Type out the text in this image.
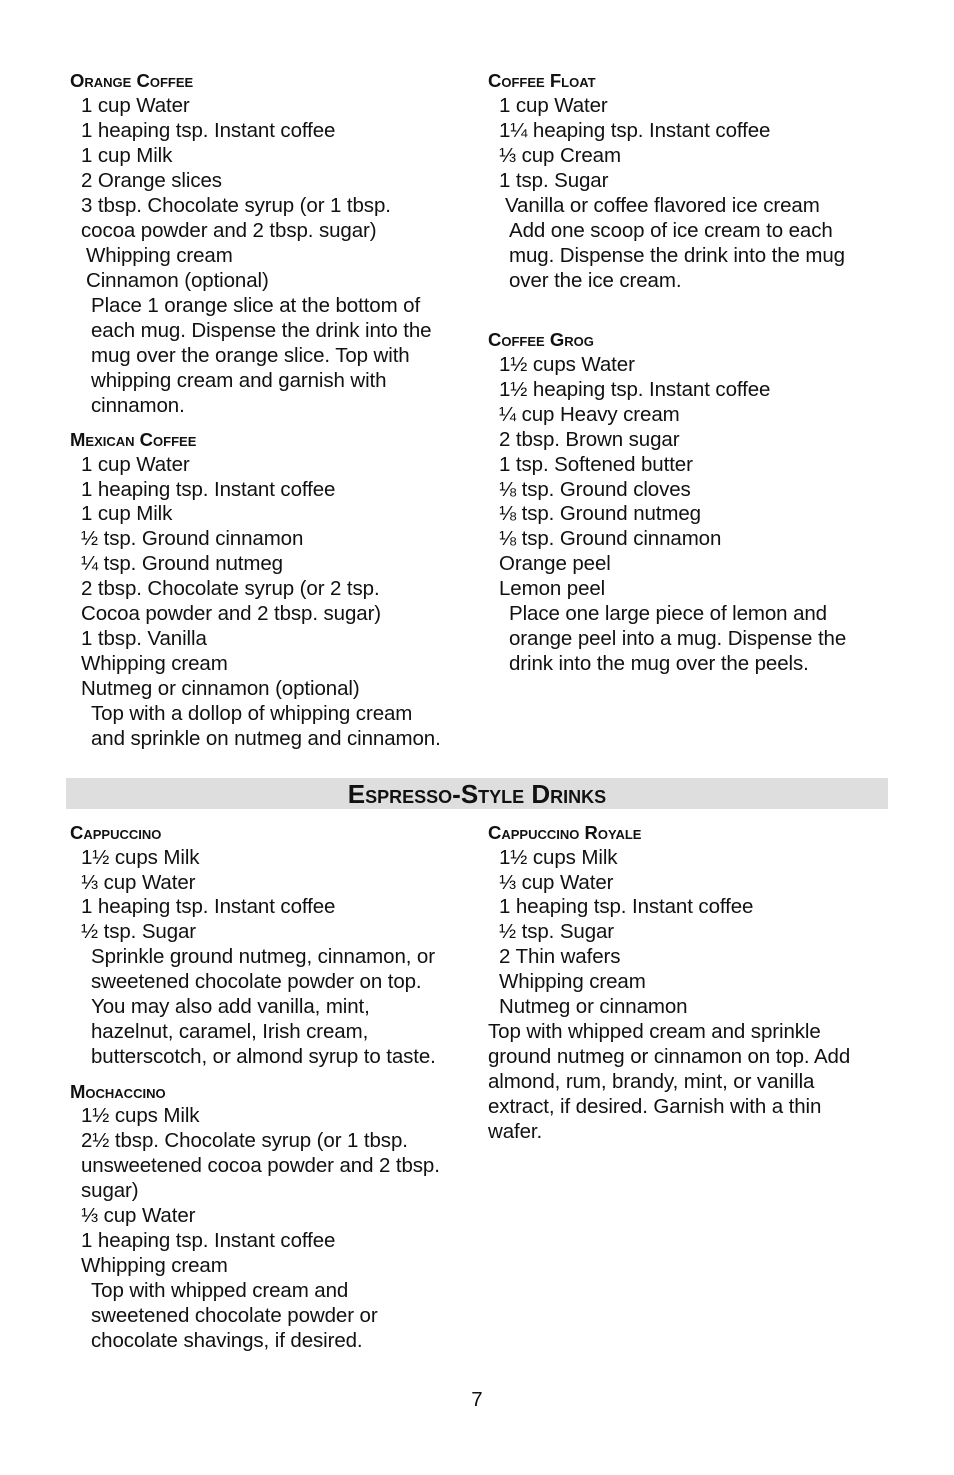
Orange Coffee
1 cup Water
1 heaping tsp. Instant coffee
1 cup Milk
2 Orange slices
3 tbsp. Chocolate syrup (or 1 tbsp.
cocoa powder and 2 tbsp. sugar)
Whipping cream
Cinnamon (optional)
Place 1 orange slice at the bottom of
each mug. Dispense the drink into the
mug over the orange slice. Top with
whipping cream and garnish with
cinnamon.
Mexican Coffee
1 cup Water
1 heaping tsp. Instant coffee
1 cup Milk
½ tsp. Ground cinnamon
¼ tsp. Ground nutmeg
2 tbsp. Chocolate syrup (or 2 tsp.
Cocoa powder and 2 tbsp. sugar)
1 tbsp. Vanilla
Whipping cream
Nutmeg or cinnamon (optional)
Top with a dollop of whipping cream
and sprinkle on nutmeg and cinnamon.
Coffee Float
1 cup Water
1¼ heaping tsp. Instant coffee
⅓ cup Cream
1 tsp. Sugar
Vanilla or coffee flavored ice cream
Add one scoop of ice cream to each
mug. Dispense the drink into the mug
over the ice cream.
Coffee Grog
1½ cups Water
1½ heaping tsp. Instant coffee
¼ cup Heavy cream
2 tbsp. Brown sugar
1 tsp. Softened butter
⅛ tsp. Ground cloves
⅛ tsp. Ground nutmeg
⅛ tsp. Ground cinnamon
Orange peel
Lemon peel
Place one large piece of lemon and
orange peel into a mug. Dispense the
drink into the mug over the peels.
Espresso-Style Drinks
Cappuccino
1½ cups Milk
⅓ cup Water
1 heaping tsp. Instant coffee
½ tsp. Sugar
Sprinkle ground nutmeg, cinnamon, or
sweetened chocolate powder on top.
You may also add vanilla, mint,
hazelnut, caramel, Irish cream,
butterscotch, or almond syrup to taste.
Mochaccino
1½ cups Milk
2½ tbsp. Chocolate syrup (or 1 tbsp.
unsweetened cocoa powder and 2 tbsp.
sugar)
⅓ cup Water
1 heaping tsp. Instant coffee
Whipping cream
Top with whipped cream and
sweetened chocolate powder or
chocolate shavings, if desired.
Cappuccino Royale
1½ cups Milk
⅓ cup Water
1 heaping tsp. Instant coffee
½ tsp. Sugar
2 Thin wafers
Whipping cream
Nutmeg or cinnamon
Top with whipped cream and sprinkle
ground nutmeg or cinnamon on top. Add
almond, rum, brandy, mint, or vanilla
extract, if desired. Garnish with a thin
wafer.
7
